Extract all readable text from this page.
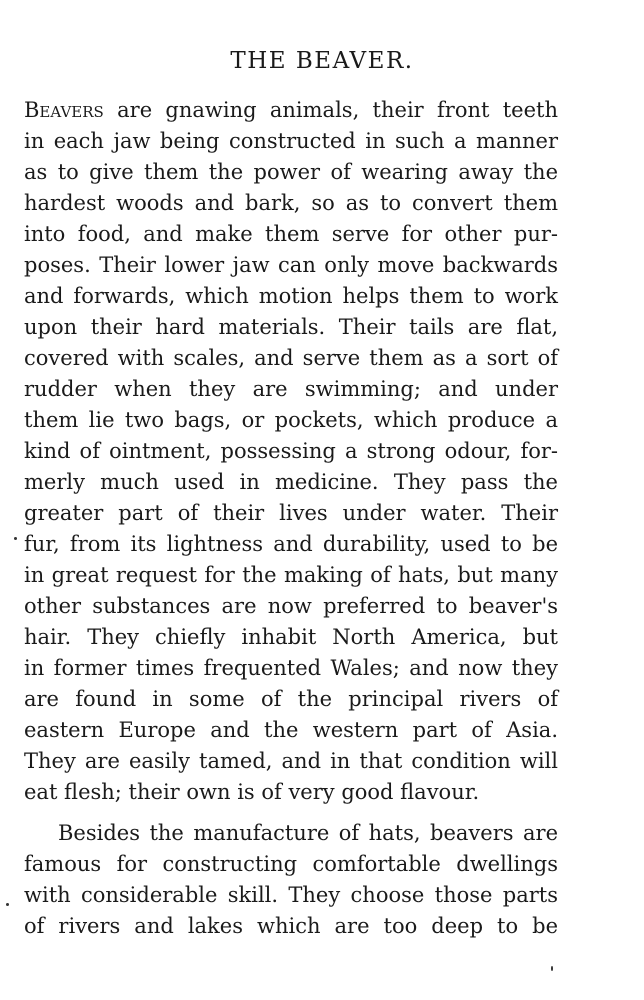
THE BEAVER.
Beavers are gnawing animals, their front teeth
in each jaw being constructed in such a manner
as to give them the power of wearing away the
hardest woods and bark, so as to convert them
into food, and make them serve for other pur-
poses. Their lower jaw can only move backwards
and forwards, which motion helps them to work
upon their hard materials. Their tails are flat,
covered with scales, and serve them as a sort of
rudder when they are swimming; and under
them lie two bags, or pockets, which produce a
kind of ointment, possessing a strong odour, for-
merly much used in medicine. They pass the
greater part of their lives under water. Their
fur, from its lightness and durability, used to be
in great request for the making of hats, but many
other substances are now preferred to beaver's
hair. They chiefly inhabit North America, but
in former times frequented Wales; and now they
are found in some of the principal rivers of
eastern Europe and the western part of Asia.
They are easily tamed, and in that condition will
eat flesh; their own is of very good flavour.
Besides the manufacture of hats, beavers are
famous for constructing comfortable dwellings
with considerable skill. They choose those parts
of rivers and lakes which are too deep to be
